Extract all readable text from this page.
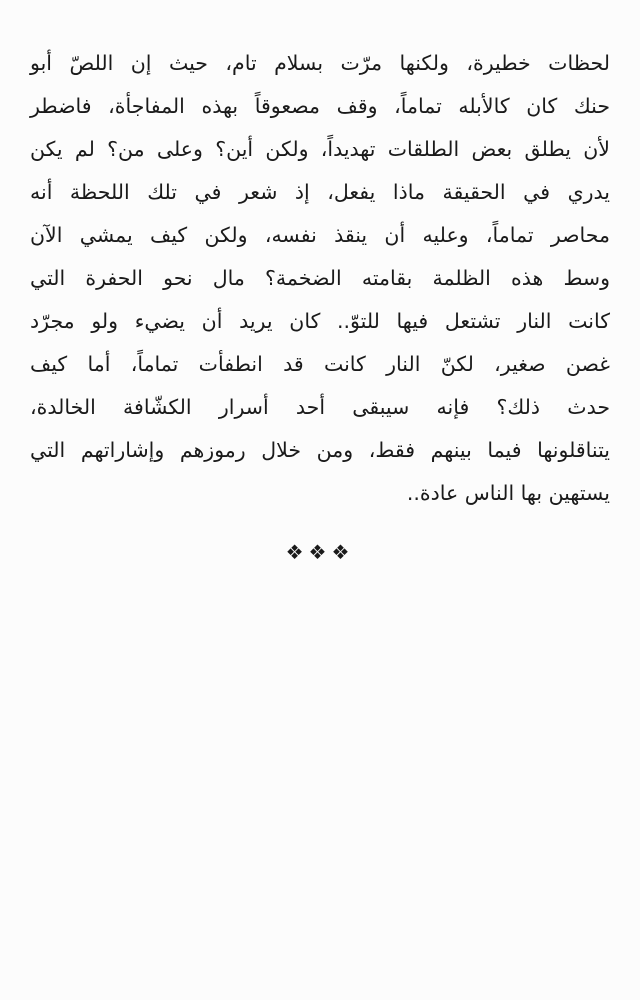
لحظات خطيرة، ولكنها مرّت بسلام تام، حيث إن اللصّ أبو
حنك كان كالأبله تماماً، وقف مصعوقاً بهذه المفاجأة، فاضطر
لأن يطلق بعض الطلقات تهديداً، ولكن أين؟ وعلى من؟ لم يكن
يدري في الحقيقة ماذا يفعل، إذ شعر في تلك اللحظة أنه
محاصر تماماً، وعليه أن ينقذ نفسه، ولكن كيف يمشي الآن
وسط هذه الظلمة بقامته الضخمة؟ مال نحو الحفرة التي
كانت النار تشتعل فيها للتوّ.. كان يريد أن يضيء ولو مجرّد
غصن صغير، لكنّ النار كانت قد انطفأت تماماً، أما كيف
حدث ذلك؟ فإنه سيبقى أحد أسرار الكشّافة الخالدة،
يتناقلونها فيما بينهم فقط، ومن خلال رموزهم وإشاراتهم التي
يستهين بها الناس عادة..
❖❖❖
